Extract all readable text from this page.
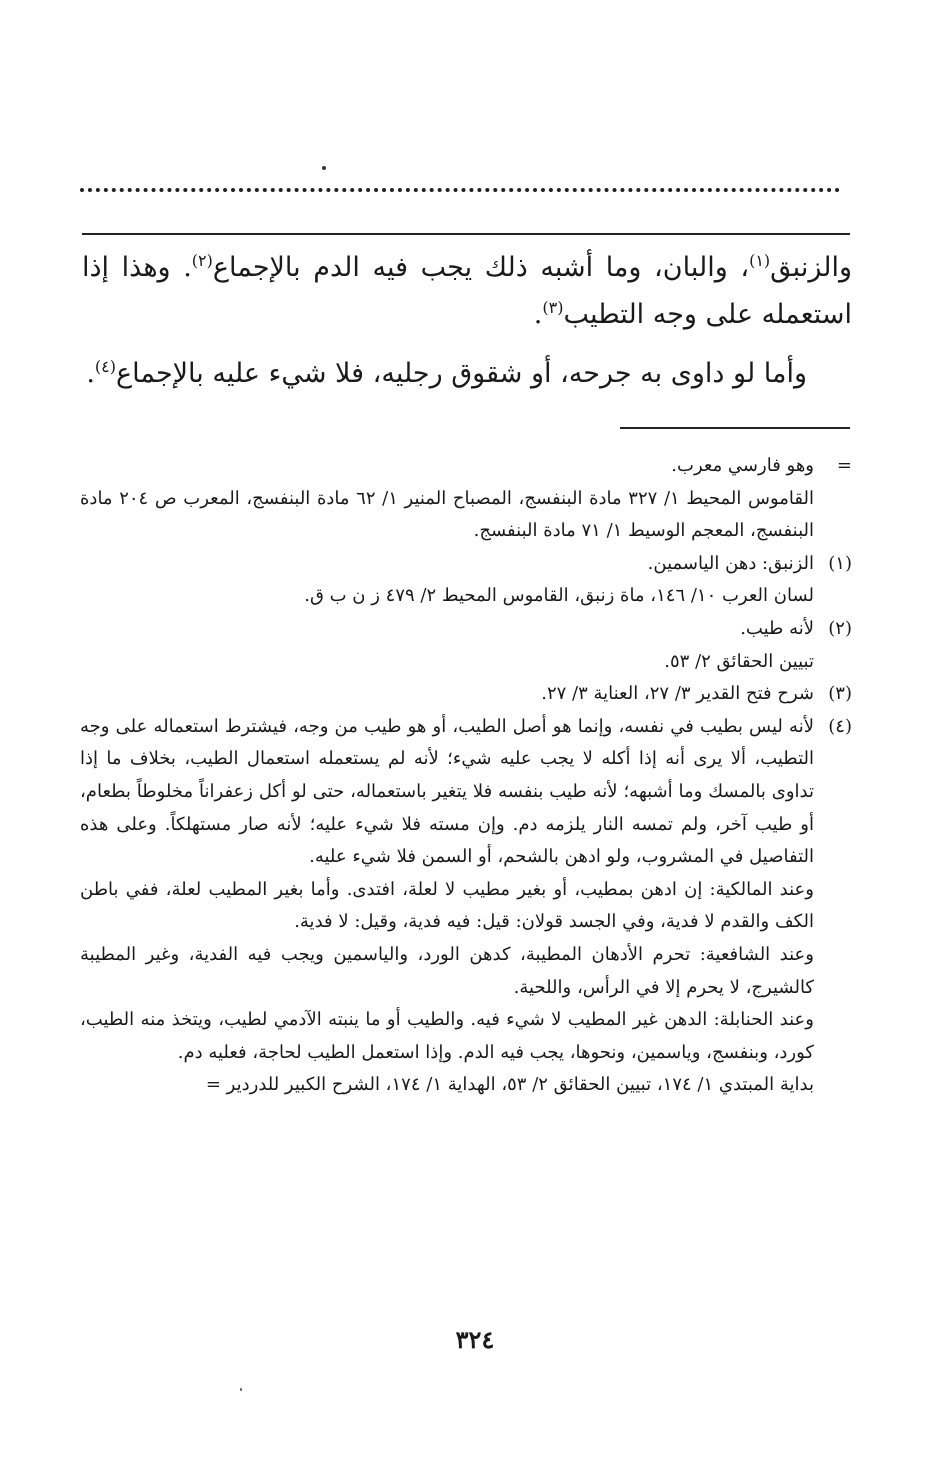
والزنبق$^{(١)}$، والبان، وما أشبه ذلك يجب فيه الدم بالإجماع$^{(٢)}$. وهذا إذا استعمله على وجه التطيب$^{(٣)}$.

وأما لو داوى به جرحه، أو شقوق رجليه، فلا شيء عليه بالإجماع$^{(٤)}$.

=

وهو فارسي معرب.

القاموس المحيط ١/ ٣٢٧ مادة البنفسج، المصباح المنير ١/ ٦٢ مادة البنفسج، المعرب ص ٢٠٤ مادة البنفسج، المعجم الوسيط ١/ ٧١ مادة البنفسج.

(١)

الزنبق: دهن الياسمين.

لسان العرب ١٠/ ١٤٦، ماة زنبق، القاموس المحيط ٢/ ٤٧٩ ز ن ب ق.

(٢)

لأنه طيب.

تبيين الحقائق ٢/ ٥٣.

(٣)

شرح فتح القدير ٣/ ٢٧، العناية ٣/ ٢٧.

(٤)

لأنه ليس بطيب في نفسه، وإنما هو أصل الطيب، أو هو طيب من وجه، فيشترط استعماله على وجه التطيب، ألا يرى أنه إذا أكله لا يجب عليه شيء؛ لأنه لم يستعمله استعمال الطيب، بخلاف ما إذا تداوى بالمسك وما أشبهه؛ لأنه طيب بنفسه فلا يتغير باستعماله، حتى لو أكل زعفراناً مخلوطاً بطعام، أو طيب آخر، ولم تمسه النار يلزمه دم. وإن مسته فلا شيء عليه؛ لأنه صار مستهلكاً. وعلى هذه التفاصيل في المشروب، ولو ادهن بالشحم، أو السمن فلا شيء عليه.

وعند المالكية: إن ادهن بمطيب، أو بغير مطيب لا لعلة، افتدى. وأما بغير المطيب لعلة، ففي باطن الكف والقدم لا فدية، وفي الجسد قولان: قيل: فيه فدية، وقيل: لا فدية.

وعند الشافعية: تحرم الأدهان المطيبة، كدهن الورد، والياسمين ويجب فيه الفدية، وغير المطيبة كالشيرج، لا يحرم إلا في الرأس، واللحية.

وعند الحنابلة: الدهن غير المطيب لا شيء فيه. والطيب أو ما ينبته الآدمي لطيب، ويتخذ منه الطيب، كورد، وبنفسج، وياسمين، ونحوها، يجب فيه الدم. وإذا استعمل الطيب لحاجة، فعليه دم.

بداية المبتدي ١/ ١٧٤، تبيين الحقائق ٢/ ٥٣، الهداية ١/ ١٧٤، الشرح الكبير للدردير =

٣٢٤
